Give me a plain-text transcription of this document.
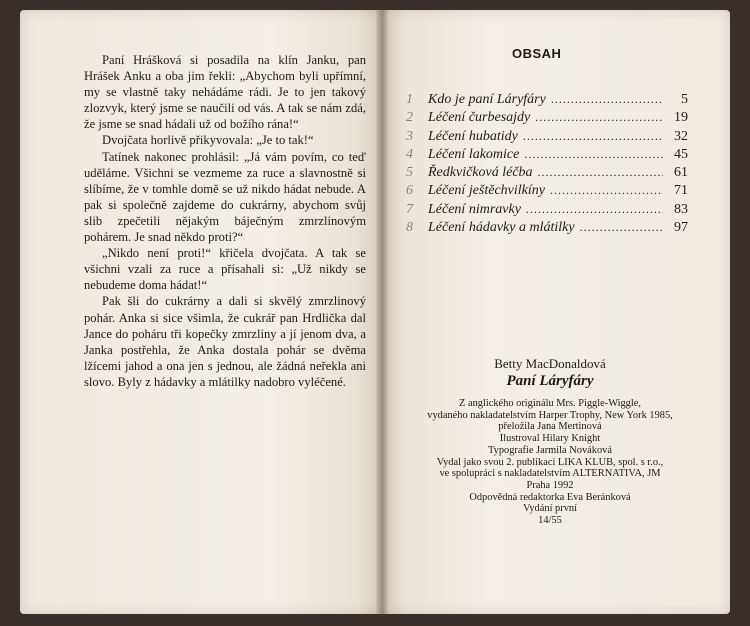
Paní Hrášková si posadila na klín Janku, pan Hrášek Anku a oba jim řekli: „Abychom byli upřímní, my se vlastně taky nehádáme rádi. Je to jen takový zlozvyk, který jsme se naučili od vás. A tak se nám zdá, že jsme se snad hádali už od božího rána!“

Dvojčata horlivě přikyvovala: „Je to tak!“

Tatínek nakonec prohlásil: „Já vám povím, co teď uděláme. Všichni se vezmeme za ruce a slavnostně si slíbíme, že v tomhle domě se už nikdo hádat nebude. A pak si společně zajdeme do cukrárny, abychom svůj slib zpečetili nějakým báječným zmrzlinovým pohárem. Je snad někdo proti?“

„Nikdo není proti!“ křičela dvojčata. A tak se všichni vzali za ruce a přísahali si: „Už nikdy se nebudeme doma hádat!“

Pak šli do cukrárny a dali si skvělý zmrzlinový pohár. Anka si sice všimla, že cukrář pan Hrdlička dal Jance do poháru tři kopečky zmrzliny a jí jenom dva, a Janka postřehla, že Anka dostala pohár se dvěma lžícemi jahod a ona jen s jednou, ale žádná neřekla ani slovo. Byly z hádavky a mlátilky nadobro vyléčené.

OBSAH
1	Kdo je paní Láryfáry .....	5
2	Léčení čurbesajdy .....	19
3	Léčení hubatidy .....	32
4	Léčení lakomice .....	45
5	Ředkvičková léčba .....	61
6	Léčení ještěchvilkíny .....	71
7	Léčení nimravky .....	83
8	Léčení hádavky a mlátilky .....	97
Betty MacDonaldová
Paní Láryfáry
Z anglického originálu Mrs. Piggle-Wiggle,
vydaného nakladatelstvím Harper Trophy, New York 1985,
přeložila Jana Mertinová
Ilustroval Hilary Knight
Typografie Jarmila Nováková
Vydal jako svou 2. publikaci LIKA KLUB, spol. s r.o.,
ve spolupráci s nakladatelstvím ALTERNATIVA, JM
Praha 1992
Odpovědná redaktorka Eva Beránková
Vydání první
14/55
